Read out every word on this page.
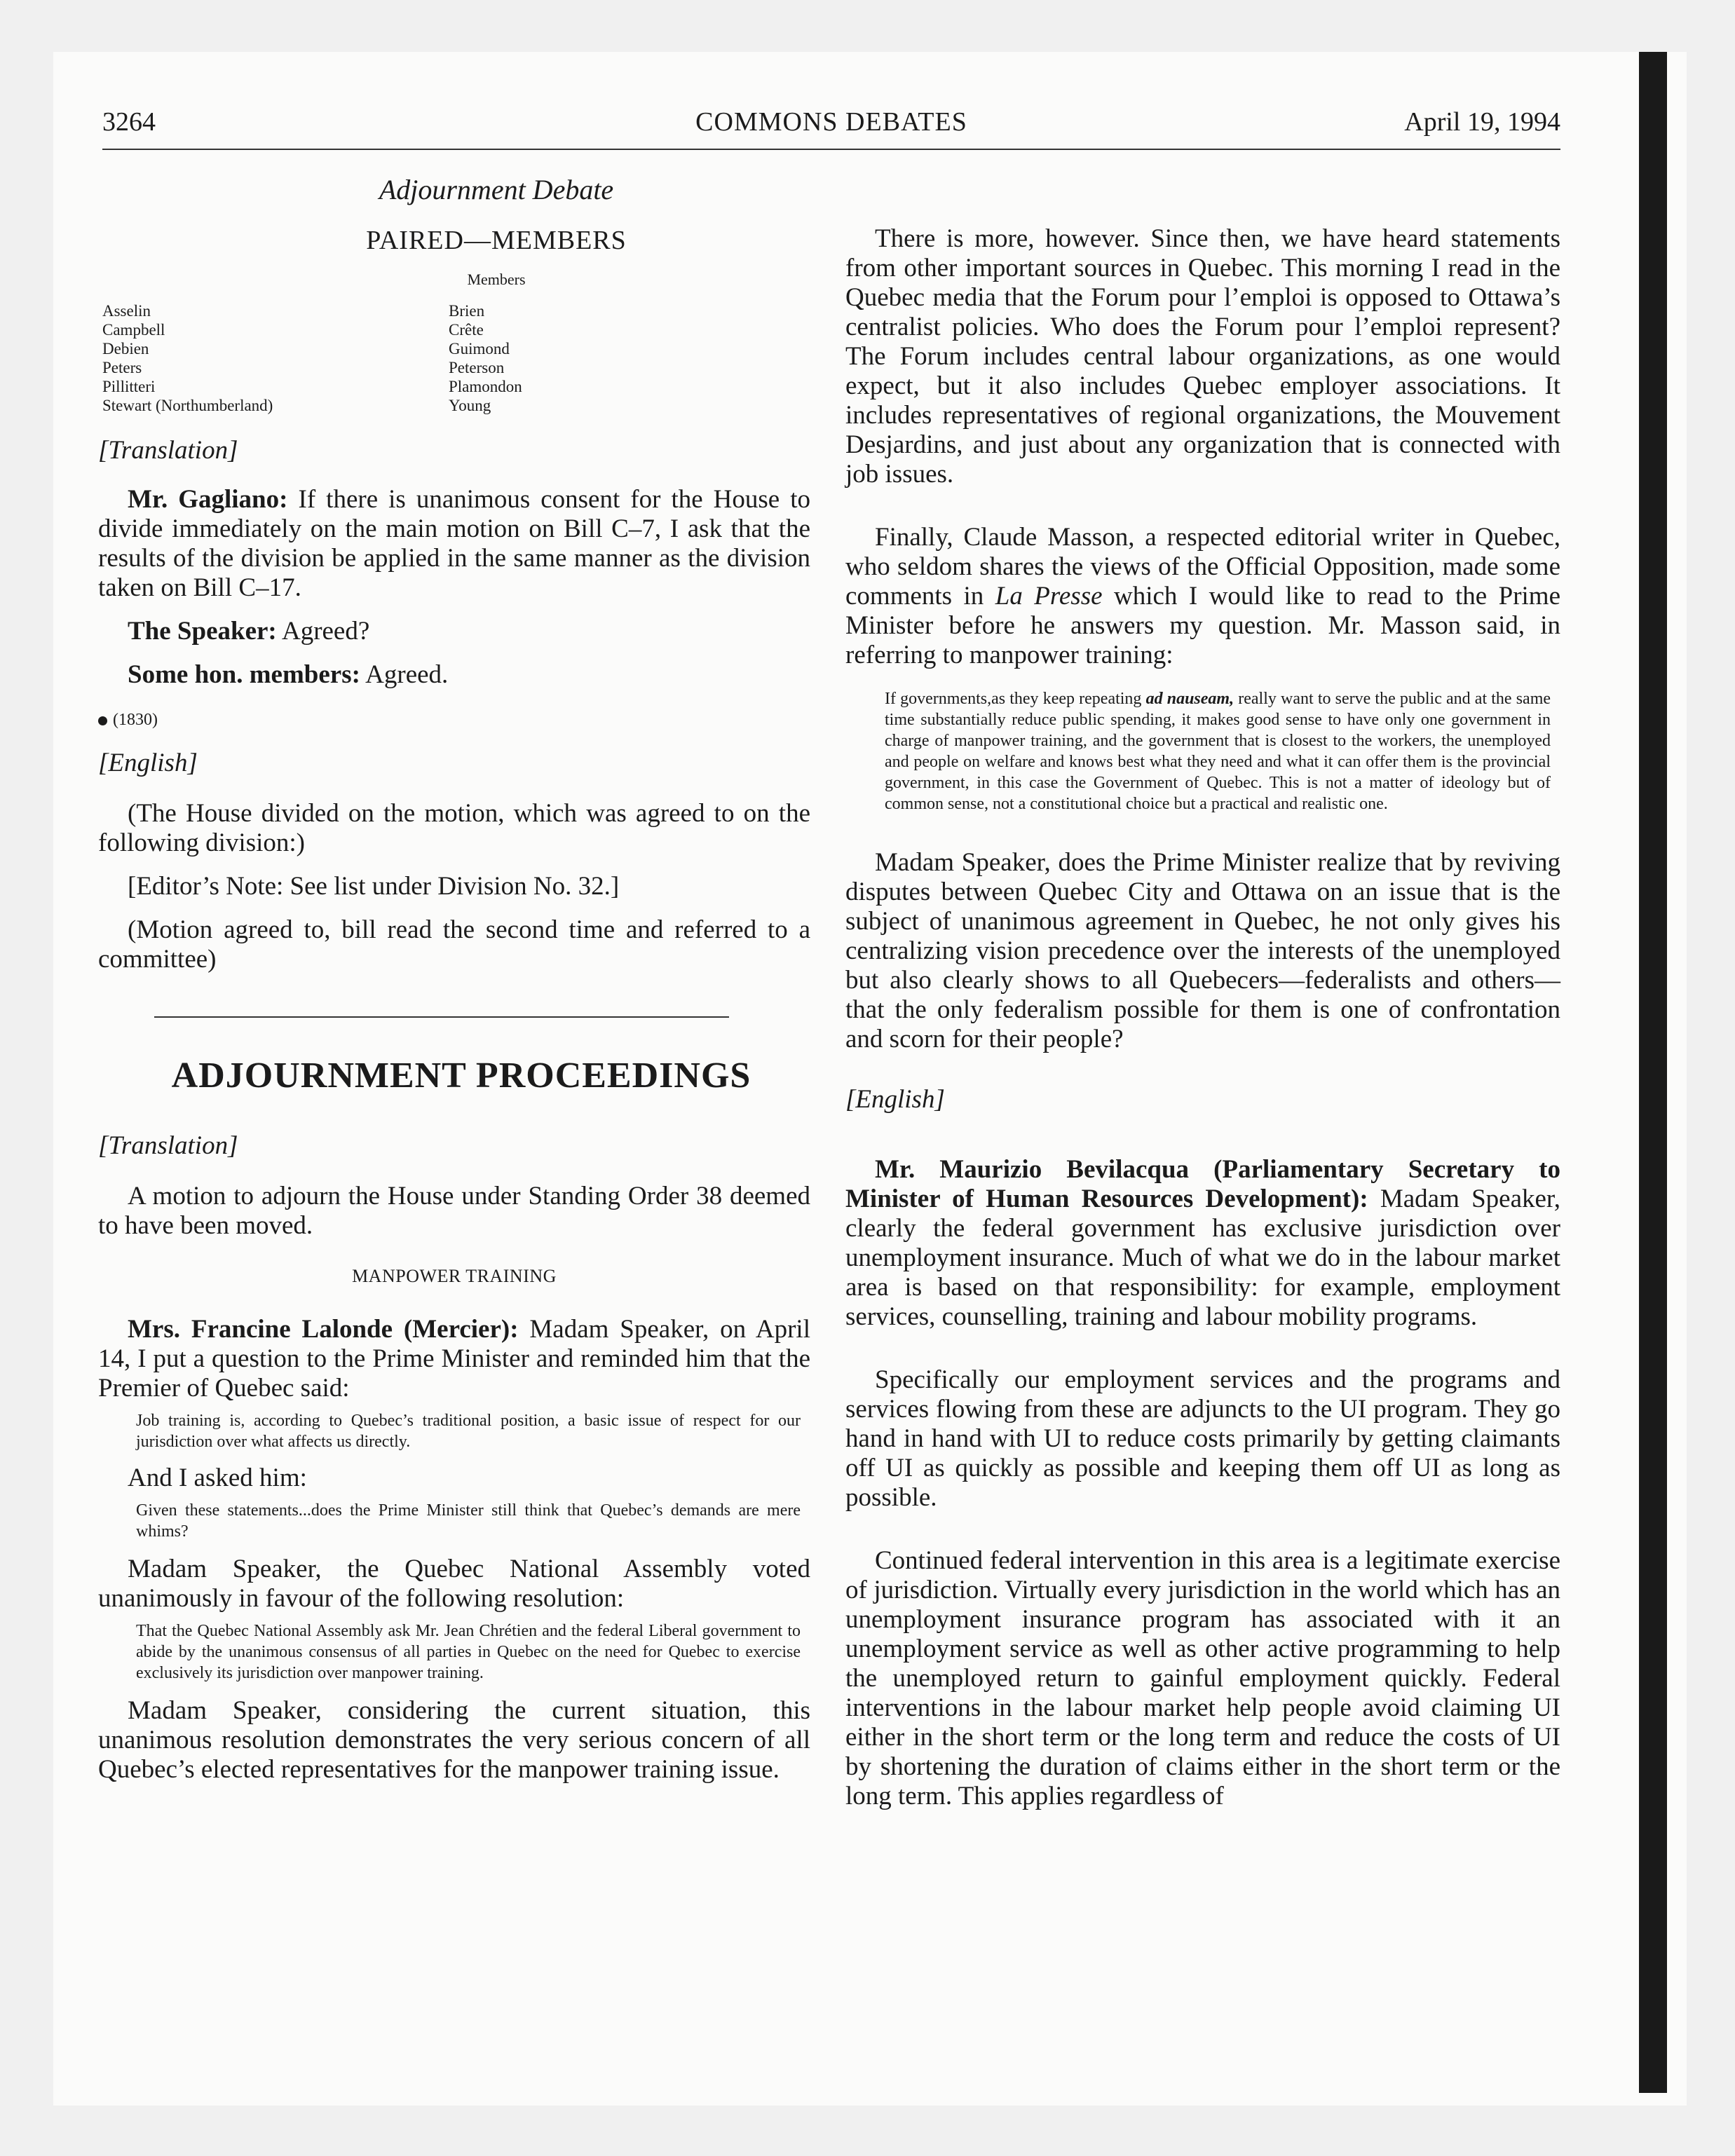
3264	COMMONS DEBATES	April 19, 1994
Adjournment Debate
PAIRED—MEMBERS
Members
Asselin
Campbell
Debien
Peters
Pillitteri
Stewart (Northumberland)
Brien
Crête
Guimond
Peterson
Plamondon
Young

[Translation]

Mr. Gagliano: If there is unanimous consent for the House to divide immediately on the main motion on Bill C–7, I ask that the results of the division be applied in the same manner as the division taken on Bill C–17.

The Speaker: Agreed?

Some hon. members: Agreed.

(1830)

[English]

(The House divided on the motion, which was agreed to on the following division:)

[Editor’s Note: See list under Division No. 32.]

(Motion agreed to, bill read the second time and referred to a committee)

ADJOURNMENT PROCEEDINGS

[Translation]

A motion to adjourn the House under Standing Order 38 deemed to have been moved.

MANPOWER TRAINING

Mrs. Francine Lalonde (Mercier): Madam Speaker, on April 14, I put a question to the Prime Minister and reminded him that the Premier of Quebec said:

Job training is, according to Quebec’s traditional position, a basic issue of respect for our jurisdiction over what affects us directly.

And I asked him:

Given these statements...does the Prime Minister still think that Quebec’s demands are mere whims?

Madam Speaker, the Quebec National Assembly voted unanimously in favour of the following resolution:

That the Quebec National Assembly ask Mr. Jean Chrétien and the federal Liberal government to abide by the unanimous consensus of all parties in Quebec on the need for Quebec to exercise exclusively its jurisdiction over manpower training.

Madam Speaker, considering the current situation, this unanimous resolution demonstrates the very serious concern of all Quebec’s elected representatives for the manpower training issue.

There is more, however. Since then, we have heard statements from other important sources in Quebec. This morning I read in the Quebec media that the Forum pour l’emploi is opposed to Ottawa’s centralist policies. Who does the Forum pour l’emploi represent? The Forum includes central labour organizations, as one would expect, but it also includes Quebec employer associations. It includes representatives of regional organizations, the Mouvement Desjardins, and just about any organization that is connected with job issues.

Finally, Claude Masson, a respected editorial writer in Quebec, who seldom shares the views of the Official Opposition, made some comments in La Presse which I would like to read to the Prime Minister before he answers my question. Mr. Masson said, in referring to manpower training:

If governments,as they keep repeating ad nauseam, really want to serve the public and at the same time substantially reduce public spending, it makes good sense to have only one government in charge of manpower training, and the government that is closest to the workers, the unemployed and people on welfare and knows best what they need and what it can offer them is the provincial government, in this case the Government of Quebec. This is not a matter of ideology but of common sense, not a constitutional choice but a practical and realistic one.

Madam Speaker, does the Prime Minister realize that by reviving disputes between Quebec City and Ottawa on an issue that is the subject of unanimous agreement in Quebec, he not only gives his centralizing vision precedence over the interests of the unemployed but also clearly shows to all Quebecers—federalists and others—that the only federalism possible for them is one of confrontation and scorn for their people?

[English]

Mr. Maurizio Bevilacqua (Parliamentary Secretary to Minister of Human Resources Development): Madam Speaker, clearly the federal government has exclusive jurisdiction over unemployment insurance. Much of what we do in the labour market area is based on that responsibility: for example, employment services, counselling, training and labour mobility programs.

Specifically our employment services and the programs and services flowing from these are adjuncts to the UI program. They go hand in hand with UI to reduce costs primarily by getting claimants off UI as quickly as possible and keeping them off UI as long as possible.

Continued federal intervention in this area is a legitimate exercise of jurisdiction. Virtually every jurisdiction in the world which has an unemployment insurance program has associated with it an unemployment service as well as other active programming to help the unemployed return to gainful employment quickly. Federal interventions in the labour market help people avoid claiming UI either in the short term or the long term and reduce the costs of UI by shortening the duration of claims either in the short term or the long term. This applies regardless of
